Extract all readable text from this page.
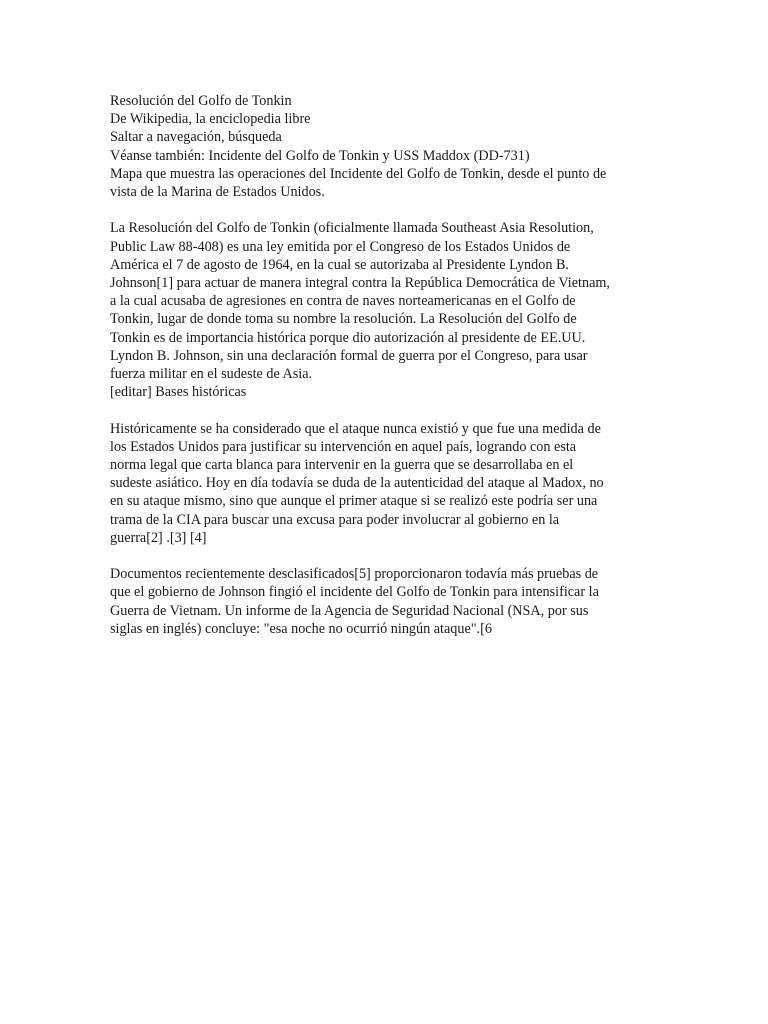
Resolución del Golfo de Tonkin
De Wikipedia, la enciclopedia libre
Saltar a navegación, búsqueda
Véanse también: Incidente del Golfo de Tonkin y USS Maddox (DD-731)
Mapa que muestra las operaciones del Incidente del Golfo de Tonkin, desde el punto de
vista de la Marina de Estados Unidos.
La Resolución del Golfo de Tonkin (oficialmente llamada Southeast Asia Resolution,
Public Law 88-408) es una ley emitida por el Congreso de los Estados Unidos de
América el 7 de agosto de 1964, en la cual se autorizaba al Presidente Lyndon B.
Johnson[1] para actuar de manera integral contra la República Democrática de Vietnam,
a la cual acusaba de agresiones en contra de naves norteamericanas en el Golfo de
Tonkin, lugar de donde toma su nombre la resolución. La Resolución del Golfo de
Tonkin es de importancia histórica porque dio autorización al presidente de EE.UU.
Lyndon B. Johnson, sin una declaración formal de guerra por el Congreso, para usar
fuerza militar en el sudeste de Asia.
[editar] Bases históricas
Históricamente se ha considerado que el ataque nunca existió y que fue una medida de
los Estados Unidos para justificar su intervención en aquel país, logrando con esta
norma legal que carta blanca para intervenir en la guerra que se desarrollaba en el
sudeste asiático. Hoy en día todavía se duda de la autenticidad del ataque al Madox, no
en su ataque mismo, sino que aunque el primer ataque si se realizó este podría ser una
trama de la CIA para buscar una excusa para poder involucrar al gobierno en la
guerra[2] .[3] [4]
Documentos recientemente desclasificados[5] proporcionaron todavía más pruebas de
que el gobierno de Johnson fingió el incidente del Golfo de Tonkin para intensificar la
Guerra de Vietnam. Un informe de la Agencia de Seguridad Nacional (NSA, por sus
siglas en inglés) concluye: "esa noche no ocurrió ningún ataque".[6
